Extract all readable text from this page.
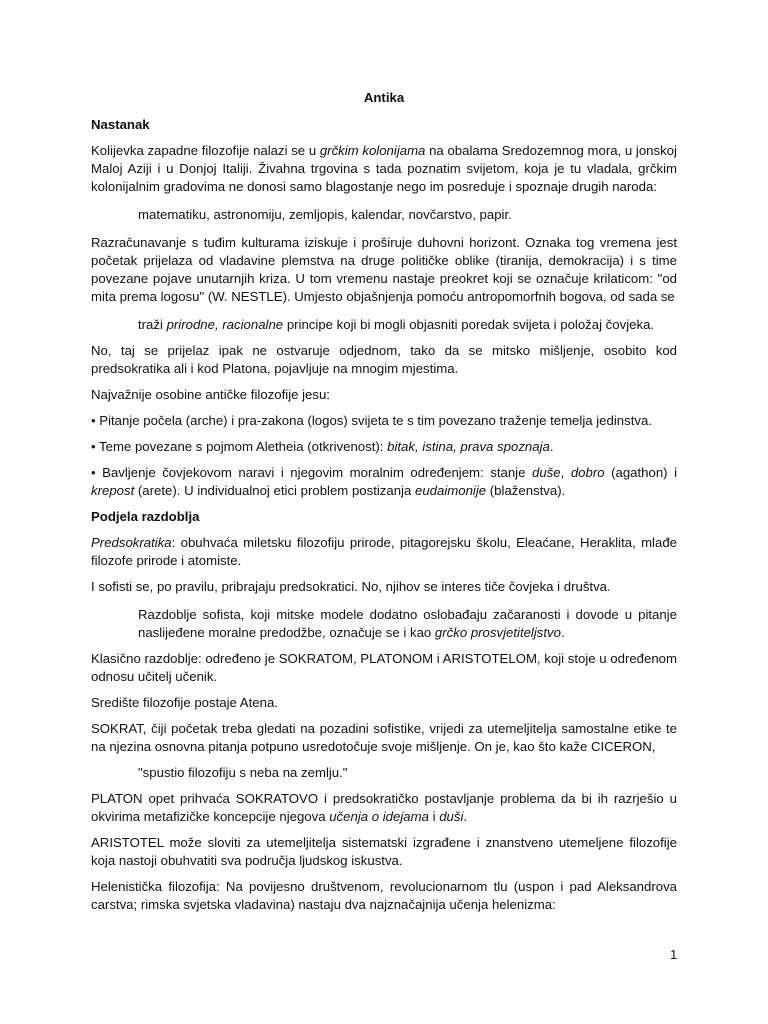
Antika

Nastanak

Kolijevka zapadne filozofije nalazi se u grčkim kolonijama na obalama Sredozemnog mora, u jonskoj Maloj Aziji i u Donjoj Italiji. Živahna trgovina s tada poznatim svijetom, koja je tu vladala, grčkim kolonijalnim gradovima ne donosi samo blagostanje nego im posreduje i spoznaje drugih naroda:

matematiku, astronomiju, zemljopis, kalendar, novčarstvo, papir.

Razračunavanje s tuđim kulturama iziskuje i proširuje duhovni horizont. Oznaka tog vremena jest početak prijelaza od vladavine plemstva na druge političke oblike (tiranija, demokracija) i s time povezane pojave unutarnjih kriza. U tom vremenu nastaje preokret koji se označuje krilaticom: "od mita prema logosu" (W. NESTLE). Umjesto objašnjenja pomoću antropomorfnih bogova, od sada se

traži prirodne, racionalne principe koji bi mogli objasniti poredak svijeta i položaj čovjeka.

No, taj se prijelaz ipak ne ostvaruje odjednom, tako da se mitsko mišljenje, osobito kod predsokratika ali i kod Platona, pojavljuje na mnogim mjestima.

Najvažnije osobine antičke filozofije jesu:

• Pitanje počela (arche) i pra-zakona (logos) svijeta te s tim povezano traženje temelja jedinstva.

• Teme povezane s pojmom Aletheia (otkrivenost): bitak, istina, prava spoznaja.

• Bavljenje čovjekovom naravi i njegovim moralnim određenjem: stanje duše, dobro (agathon) i krepost (arete). U individualnoj etici problem postizanja eudaimonije (blaženstva).

Podjela razdoblja

Predsokratika: obuhvaća miletsku filozofiju prirode, pitagorejsku školu, Eleaćane, Heraklita, mlađe filozofe prirode i atomiste.

I sofisti se, po pravilu, pribrajaju predsokratici. No, njihov se interes tiče čovjeka i društva.

Razdoblje sofista, koji mitske modele dodatno oslobađaju začaranosti i dovode u pitanje naslijeđene moralne predodžbe, označuje se i kao grčko prosvjetiteljstvo.

Klasično razdoblje: određeno je SOKRATOM, PLATONOM i ARISTOTELOM, koji stoje u određenom odnosu učitelj učenik.

Središte filozofije postaje Atena.

SOKRAT, čiji početak treba gledati na pozadini sofistike, vrijedi za utemeljitelja samostalne etike te na njezina osnovna pitanja potpuno usredotočuje svoje mišljenje. On je, kao što kaže CICERON,

"spustio filozofiju s neba na zemlju."

PLATON opet prihvaća SOKRATOVO i predsokratičko postavljanje problema da bi ih razrješio u okvirima metafizičke koncepcije njegova učenja o idejama i duši.

ARISTOTEL može sloviti za utemeljitelja sistematski izgrađene i znanstveno utemeljene filozofije koja nastoji obuhvatiti sva područja ljudskog iskustva.

Helenistička filozofija: Na povijesno društvenom, revolucionarnom tlu (uspon i pad Aleksandrova carstva; rimska svjetska vladavina) nastaju dva najznačajnija učenja helenizma:

1
